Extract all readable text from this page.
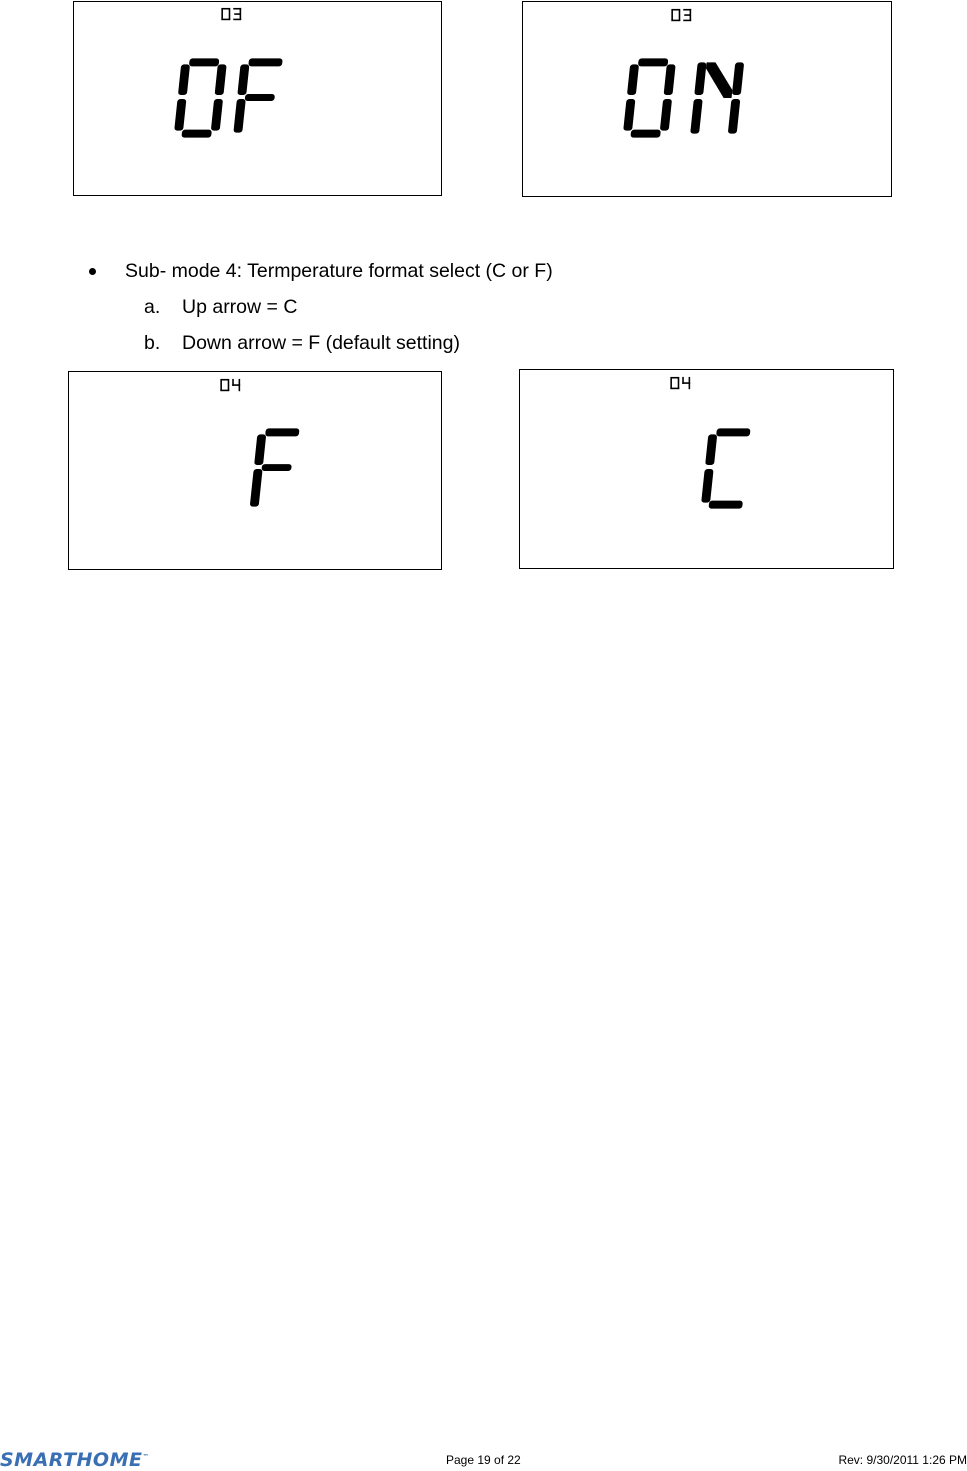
Sub- mode 4: Termperature format select (C or F)
a. Up arrow = C
b. Down arrow = F (default setting)
SMARTHOME™	Page 19 of 22	Rev: 9/30/2011 1:26 PM
